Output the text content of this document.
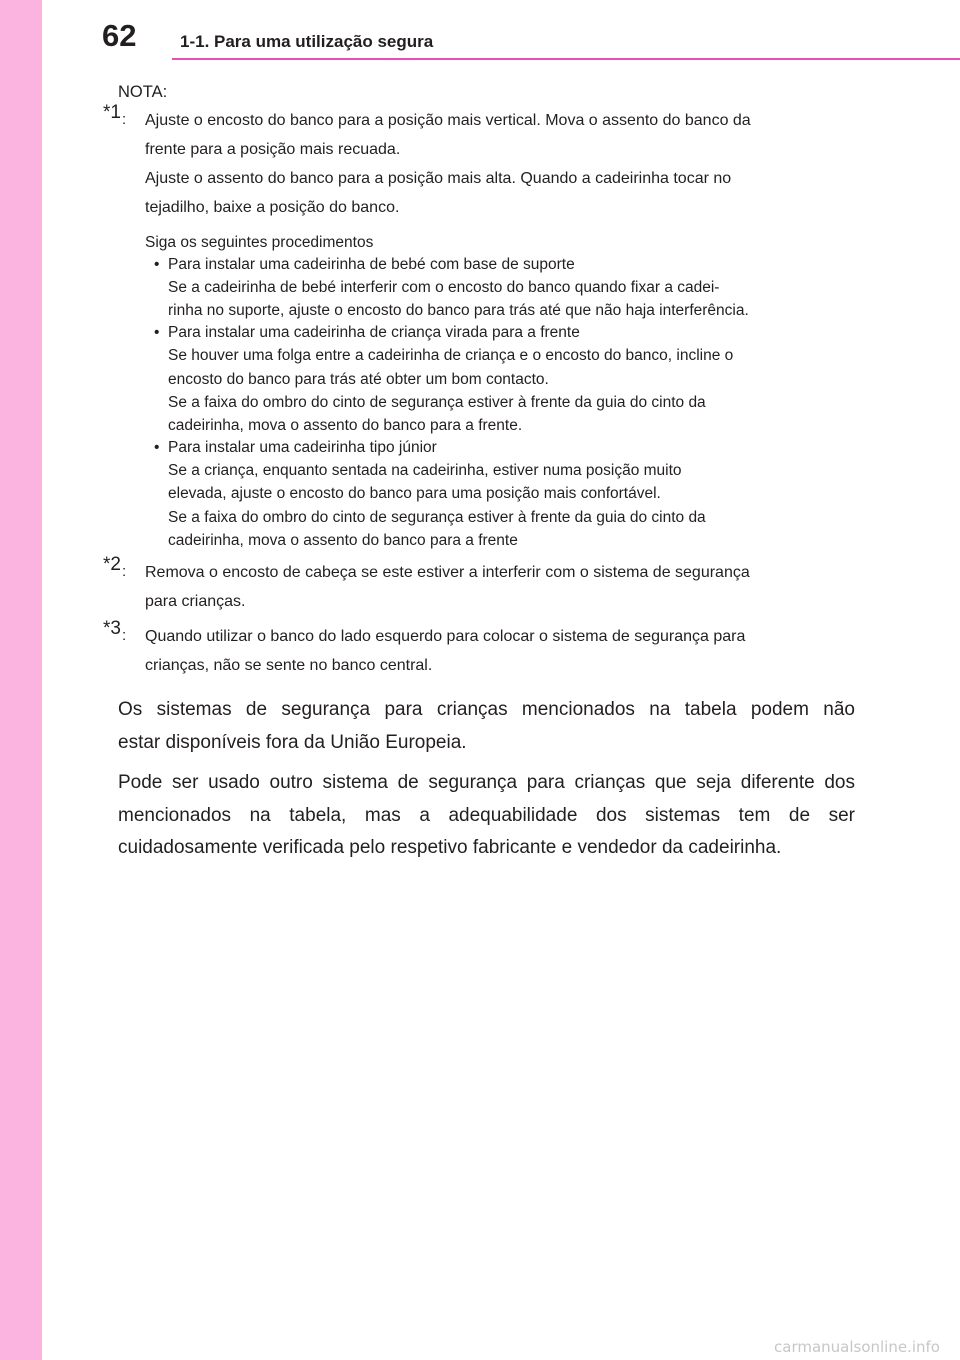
62	1-1. Para uma utilização segura
NOTA:
$*1_:$ Ajuste o encosto do banco para a posição mais vertical. Mova o assento do banco da

frente para a posição mais recuada.

Ajuste o assento do banco para a posição mais alta. Quando a cadeirinha tocar no

tejadilho, baixe a posição do banco.

Siga os seguintes procedimentos

• Para instalar uma cadeirinha de bebé com base de suporte

Se a cadeirinha de bebé interferir com o encosto do banco quando fixar a cadei-

rinha no suporte, ajuste o encosto do banco para trás até que não haja interferência.

• Para instalar uma cadeirinha de criança virada para a frente

Se houver uma folga entre a cadeirinha de criança e o encosto do banco, incline o

encosto do banco para trás até obter um bom contacto.

Se a faixa do ombro do cinto de segurança estiver à frente da guia do cinto da

cadeirinha, mova o assento do banco para a frente.

• Para instalar uma cadeirinha tipo júnior

Se a criança, enquanto sentada na cadeirinha, estiver numa posição muito

elevada, ajuste o encosto do banco para uma posição mais confortável.

Se a faixa do ombro do cinto de segurança estiver à frente da guia do cinto da

cadeirinha, mova o assento do banco para a frente

$*2_:$ Remova o encosto de cabeça se este estiver a interferir com o sistema de segurança

para crianças.

$*3_:$ Quando utilizar o banco do lado esquerdo para colocar o sistema de segurança para

crianças, não se sente no banco central.

Os sistemas de segurança para crianças mencionados na tabela podem não
estar disponíveis fora da União Europeia.

Pode ser usado outro sistema de segurança para crianças que seja diferente dos
mencionados na tabela, mas a adequabilidade dos sistemas tem de ser
cuidadosamente verificada pelo respetivo fabricante e vendedor da cadeirinha.

carmanualsonline.info
